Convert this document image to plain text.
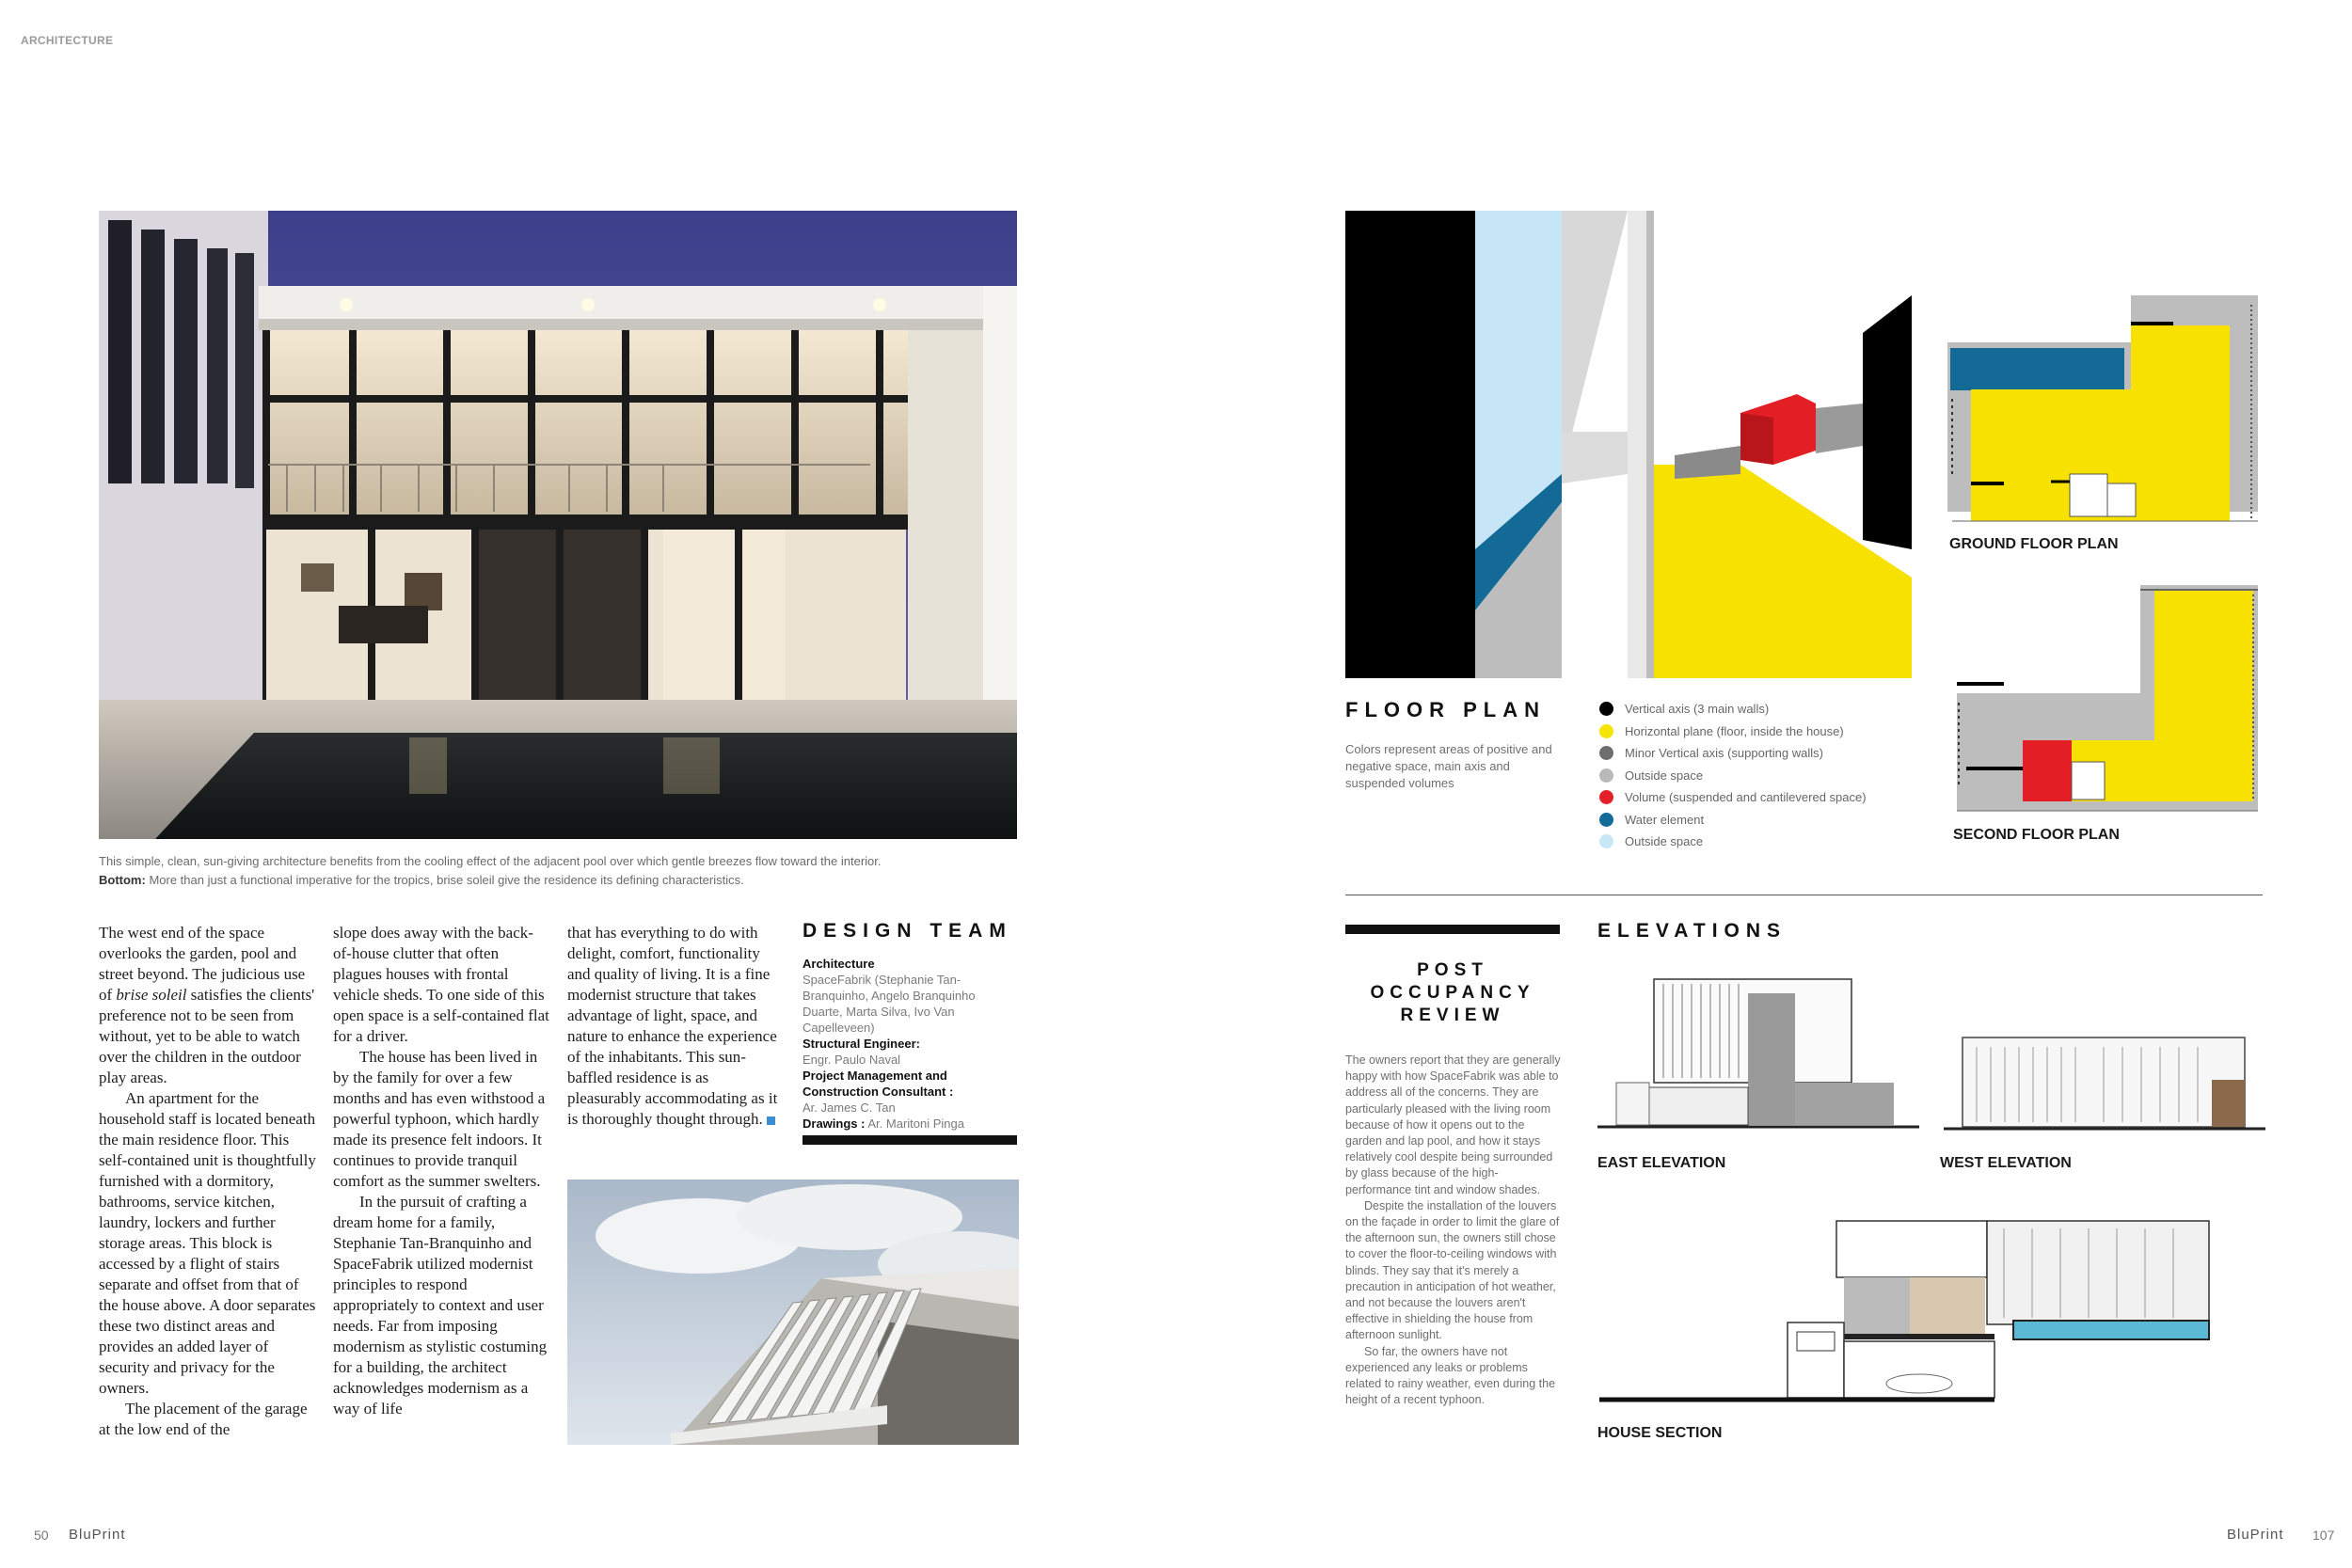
ARCHITECTURE
This simple, clean, sun-giving architecture benefits from the cooling effect of the adjacent pool over which gentle breezes flow toward the interior.
Bottom: More than just a functional imperative for the tropics, brise soleil give the residence its defining characteristics.

The west end of the space overlooks the garden, pool and street beyond. The judicious use of brise soleil satisfies the clients' preference not to be seen from without, yet to be able to watch over the children in the outdoor play areas.

An apartment for the household staff is located beneath the main residence floor. This self-contained unit is thoughtfully furnished with a dormitory, bathrooms, service kitchen, laundry, lockers and further storage areas. This block is accessed by a flight of stairs separate and offset from that of the house above. A door separates these two distinct areas and provides an added layer of security and privacy for the owners.

The placement of the garage at the low end of the

slope does away with the back-of-house clutter that often plagues houses with frontal vehicle sheds. To one side of this open space is a self-contained flat for a driver.

The house has been lived in by the family for over a few months and has even withstood a powerful typhoon, which hardly made its presence felt indoors. It continues to provide tranquil comfort as the summer swelters.

In the pursuit of crafting a dream home for a family, Stephanie Tan-Branquinho and SpaceFabrik utilized modernist principles to respond appropriately to context and user needs. Far from imposing modernism as stylistic costuming for a building, the architect acknowledges modernism as a way of life

that has everything to do with delight, comfort, functionality and quality of living. It is a fine modernist structure that takes advantage of light, space, and nature to enhance the experience of the inhabitants. This sun-baffled residence is as pleasurably accommodating as it is thoroughly thought through.

DESIGN TEAM
Architecture
SpaceFabrik (Stephanie Tan-Branquinho, Angelo Branquinho Duarte, Marta Silva, Ivo Van Capelleveen)
Structural Engineer:
Engr. Paulo Naval
Project Management and Construction Consultant :
Ar. James C. Tan
Drawings : Ar. Maritoni Pinga
50 BluPrint
GROUND FLOOR PLAN
SECOND FLOOR PLAN
FLOOR PLAN
Colors represent areas of positive and negative space, main axis and suspended volumes
Vertical axis (3 main walls)
Horizontal plane (floor, inside the house)
Minor Vertical axis (supporting walls)
Outside space
Volume (suspended and cantilevered space)
Water element
Outside space
POST
OCCUPANCY
REVIEW

The owners report that they are generally happy with how SpaceFabrik was able to address all of the concerns. They are particularly pleased with the living room because of how it opens out to the garden and lap pool, and how it stays relatively cool despite being surrounded by glass because of the high-performance tint and window shades.

Despite the installation of the louvers on the façade in order to limit the glare of the afternoon sun, the owners still chose to cover the floor-to-ceiling windows with blinds. They say that it's merely a precaution in anticipation of hot weather, and not because the louvers aren't effective in shielding the house from afternoon sunlight.

So far, the owners have not experienced any leaks or problems related to rainy weather, even during the height of a recent typhoon.

ELEVATIONS
EAST ELEVATION	WEST ELEVATION
HOUSE SECTION
BluPrint 107
